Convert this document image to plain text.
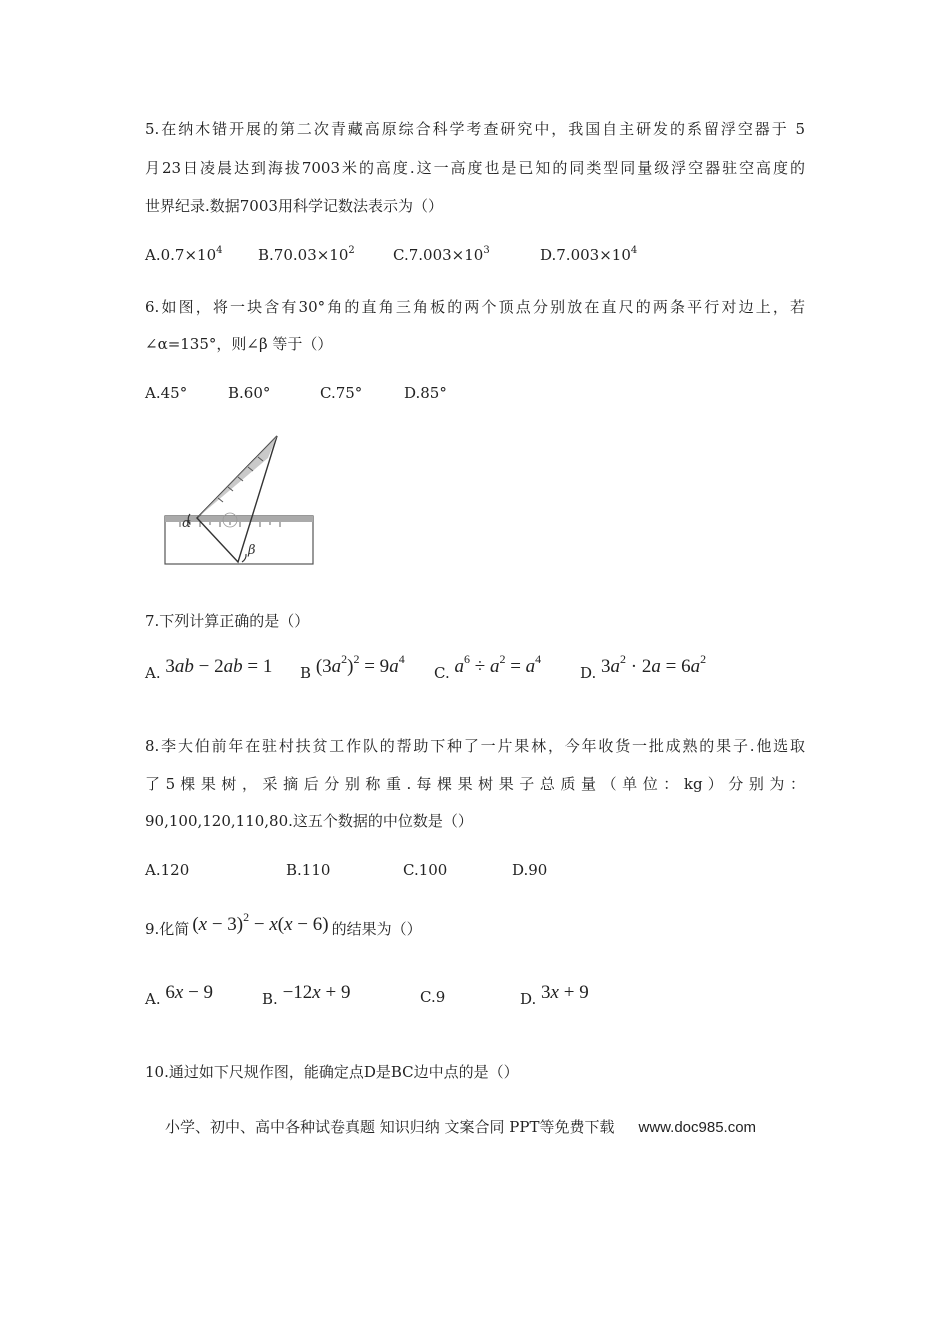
5.在纳木错开展的第二次青藏高原综合科学考查研究中，我国自主研发的系留浮空器于 5
月23日凌晨达到海拔7003米的高度.这一高度也是已知的同类型同量级浮空器驻空高度的
世界纪录.数据7003用科学记数法表示为（）
$A.0.7\times 10^4$ $B.70.03\times 10^2$	$C.7.003\times 10^3$	$D.7.003\times 10^4$
6.如图，将一块含有30°角的直角三角板的两个顶点分别放在直尺的两条平行对边上，若
∠α=135°，则∠β 等于（）
A.45°	B.60°	C.75°	D.85°
α
β
7.下列计算正确的是（）
A. 3ab − 2ab = 1 B $(3a^2)^2 = 9a^4$
C. $a^6 \div a^2 = a^4$
D. $3a^2 \cdot 2a = 6a^2$
8.李大伯前年在驻村扶贫工作队的帮助下种了一片果林，今年收货一批成熟的果子.他选取
了 5 棵 果 树 ， 采 摘 后 分 别 称 重 . 每 棵 果 树 果 子 总 质 量 （ 单 位 ： kg ） 分 别 为 ：
90,100,120,110,80.这五个数据的中位数是（）
A.120	B.110	C.100	D.90
9.化简 $(x - 3)^2 - x(x - 6)$ 的结果为（）
A. 6x − 9	B. −12x + 9	C.9	D. 3x + 9
10.通过如下尺规作图，能确定点D是BC边中点的是（）
小学、初中、高中各种试卷真题 知识归纳 文案合同 PPT等免费下载 www.doc985.com
